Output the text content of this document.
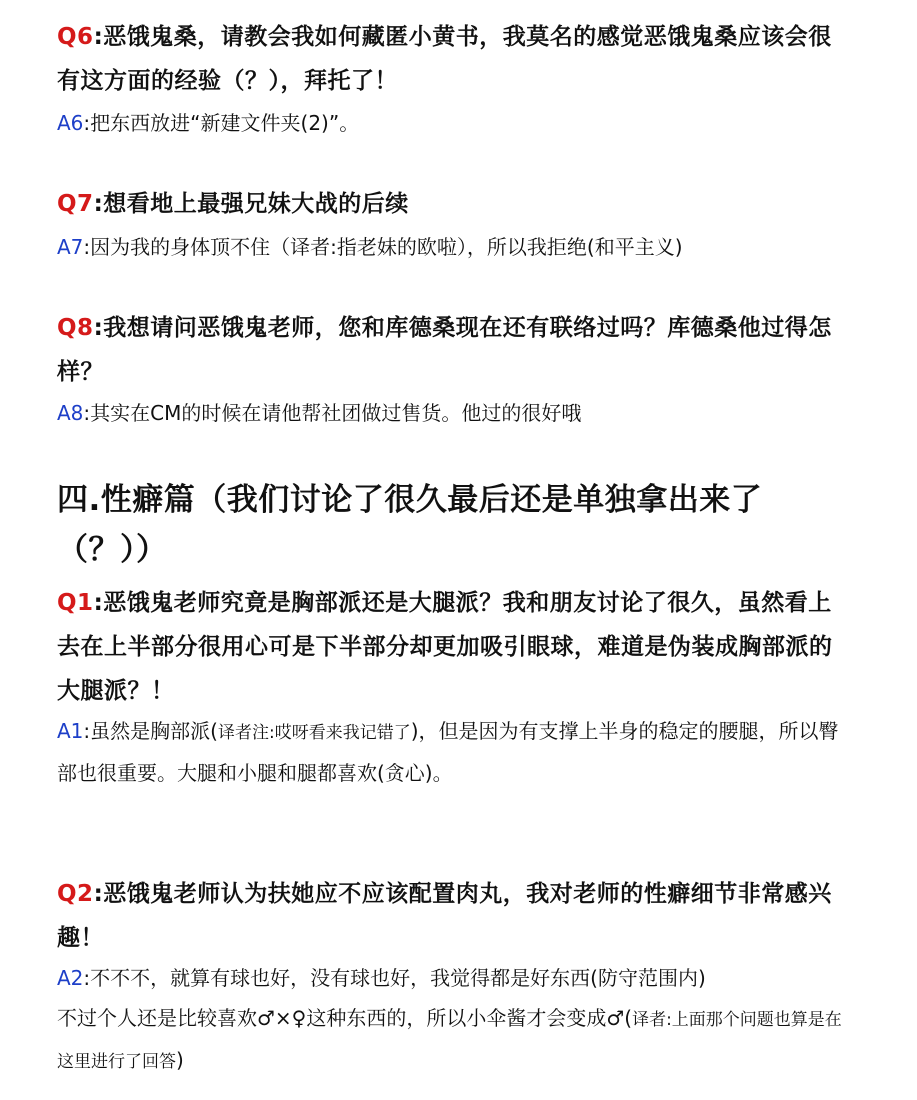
Q6:恶饿鬼桑，请教会我如何藏匿小黄书，我莫名的感觉恶饿鬼桑应该会很有这方面的经验（？），拜托了！

A6:把东西放进“新建文件夹(2)”。

Q7:想看地上最强兄妹大战的后续

A7:因为我的身体顶不住（译者:指老妹的欧啦），所以我拒绝(和平主义)

Q8:我想请问恶饿鬼老师，您和库德桑现在还有联络过吗？库德桑他过得怎样？

A8:其实在CM的时候在请他帮社团做过售货。他过的很好哦

四.性癖篇（我们讨论了很久最后还是单独拿出来了（？））

Q1:恶饿鬼老师究竟是胸部派还是大腿派？我和朋友讨论了很久，虽然看上去在上半部分很用心可是下半部分却更加吸引眼球，难道是伪装成胸部派的大腿派？！

A1:虽然是胸部派(译者注:哎呀看来我记错了)，但是因为有支撑上半身的稳定的腰腿，所以臀部也很重要。大腿和小腿和腿都喜欢(贪心)。

Q2:恶饿鬼老师认为扶她应不应该配置肉丸，我对老师的性癖细节非常感兴趣！

A2:不不不，就算有球也好，没有球也好，我觉得都是好东西(防守范围内)
不过个人还是比较喜欢♂×♀这种东西的，所以小伞酱才会变成♂(译者:上面那个问题也算是在这里进行了回答)
